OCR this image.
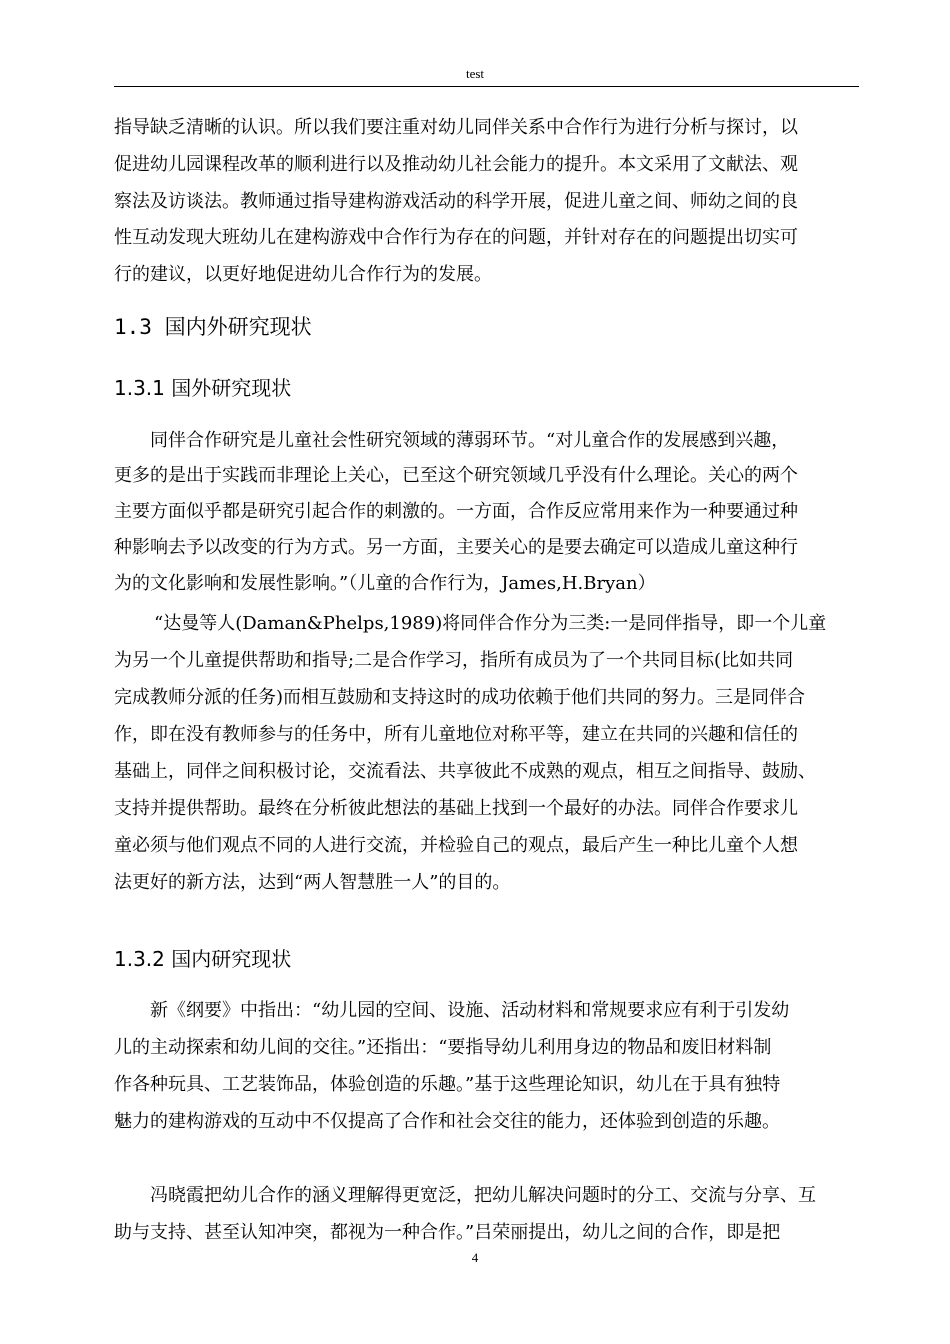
test
指导缺乏清晰的认识。所以我们要注重对幼儿同伴关系中合作行为进行分析与探讨，以
促进幼儿园课程改革的顺利进行以及推动幼儿社会能力的提升。本文采用了文献法、观
察法及访谈法。教师通过指导建构游戏活动的科学开展，促进儿童之间、师幼之间的良
性互动发现大班幼儿在建构游戏中合作行为存在的问题，并针对存在的问题提出切实可
行的建议，以更好地促进幼儿合作行为的发展。
1.3 国内外研究现状
1.3.1 国外研究现状
同伴合作研究是儿童社会性研究领域的薄弱环节。“对儿童合作的发展感到兴趣，
更多的是出于实践而非理论上关心，已至这个研究领域几乎没有什么理论。关心的两个
主要方面似乎都是研究引起合作的刺激的。一方面，合作反应常用来作为一种要通过种
种影响去予以改变的行为方式。另一方面，主要关心的是要去确定可以造成儿童这种行
为的文化影响和发展性影响。”（儿童的合作行为，James,H.Bryan）
“达曼等人(Daman&Phelps,1989)将同伴合作分为三类:一是同伴指导，即一个儿童
为另一个儿童提供帮助和指导;二是合作学习，指所有成员为了一个共同目标(比如共同
完成教师分派的任务)而相互鼓励和支持这时的成功依赖于他们共同的努力。三是同伴合
作，即在没有教师参与的任务中，所有儿童地位对称平等，建立在共同的兴趣和信任的
基础上，同伴之间积极讨论，交流看法、共享彼此不成熟的观点，相互之间指导、鼓励、
支持并提供帮助。最终在分析彼此想法的基础上找到一个最好的办法。同伴合作要求儿
童必须与他们观点不同的人进行交流，并检验自己的观点，最后产生一种比儿童个人想
法更好的新方法，达到“两人智慧胜一人”的目的。
1.3.2 国内研究现状
新《纲要》中指出：“幼儿园的空间、设施、活动材料和常规要求应有利于引发幼
儿的主动探索和幼儿间的交往。”还指出：“要指导幼儿利用身边的物品和废旧材料制
作各种玩具、工艺装饰品，体验创造的乐趣。”基于这些理论知识，幼儿在于具有独特
魅力的建构游戏的互动中不仅提高了合作和社会交往的能力，还体验到创造的乐趣。
冯晓霞把幼儿合作的涵义理解得更宽泛，把幼儿解决问题时的分工、交流与分享、互
助与支持、甚至认知冲突，都视为一种合作。”吕荣丽提出，幼儿之间的合作，即是把
4
